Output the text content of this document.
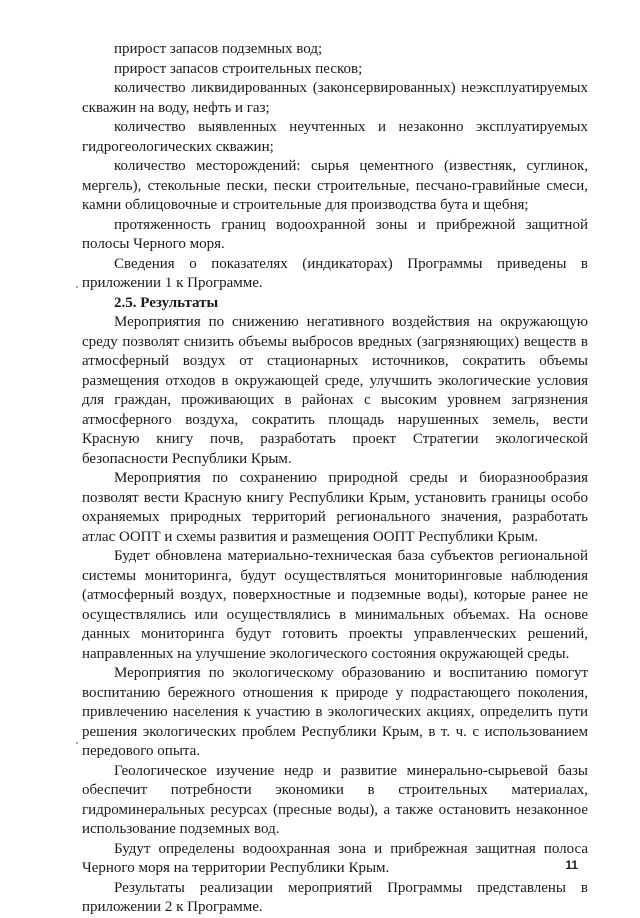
прирост запасов подземных вод;

прирост запасов строительных песков;

количество ликвидированных (законсервированных) неэксплуатируемых скважин на воду, нефть и газ;

количество выявленных неучтенных и незаконно эксплуатируемых гидрогеологических скважин;

количество месторождений: сырья цементного (известняк, суглинок, мергель), стекольные пески, пески строительные, песчано-гравийные смеси, камни облицовочные и строительные для производства бута и щебня;

протяженность границ водоохранной зоны и прибрежной защитной полосы Черного моря.

Сведения о показателях (индикаторах) Программы приведены в приложении 1 к Программе.

2.5. Результаты

Мероприятия по снижению негативного воздействия на окружающую среду позволят снизить объемы выбросов вредных (загрязняющих) веществ в атмосферный воздух от стационарных источников, сократить объемы размещения отходов в окружающей среде, улучшить экологические условия для граждан, проживающих в районах с высоким уровнем загрязнения атмосферного воздуха, сократить площадь нарушенных земель, вести Красную книгу почв, разработать проект Стратегии экологической безопасности Республики Крым.

Мероприятия по сохранению природной среды и биоразнообразия позволят вести Красную книгу Республики Крым, установить границы особо охраняемых природных территорий регионального значения, разработать атлас ООПТ и схемы развития и размещения ООПТ Республики Крым.

Будет обновлена материально-техническая база субъектов региональной системы мониторинга, будут осуществляться мониторинговые наблюдения (атмосферный воздух, поверхностные и подземные воды), которые ранее не осуществлялись или осуществлялись в минимальных объемах. На основе данных мониторинга будут готовить проекты управленческих решений, направленных на улучшение экологического состояния окружающей среды.

Мероприятия по экологическому образованию и воспитанию помогут воспитанию бережного отношения к природе у подрастающего поколения, привлечению населения к участию в экологических акциях, определить пути решения экологических проблем Республики Крым, в т. ч. с использованием передового опыта.

Геологическое изучение недр и развитие минерально-сырьевой базы обеспечит потребности экономики в строительных материалах, гидроминеральных ресурсах (пресные воды), а также остановить незаконное использование подземных вод.

Будут определены водоохранная зона и прибрежная защитная полоса Черного моря на территории Республики Крым.

Результаты реализации мероприятий Программы представлены в приложении 2 к Программе.

11
